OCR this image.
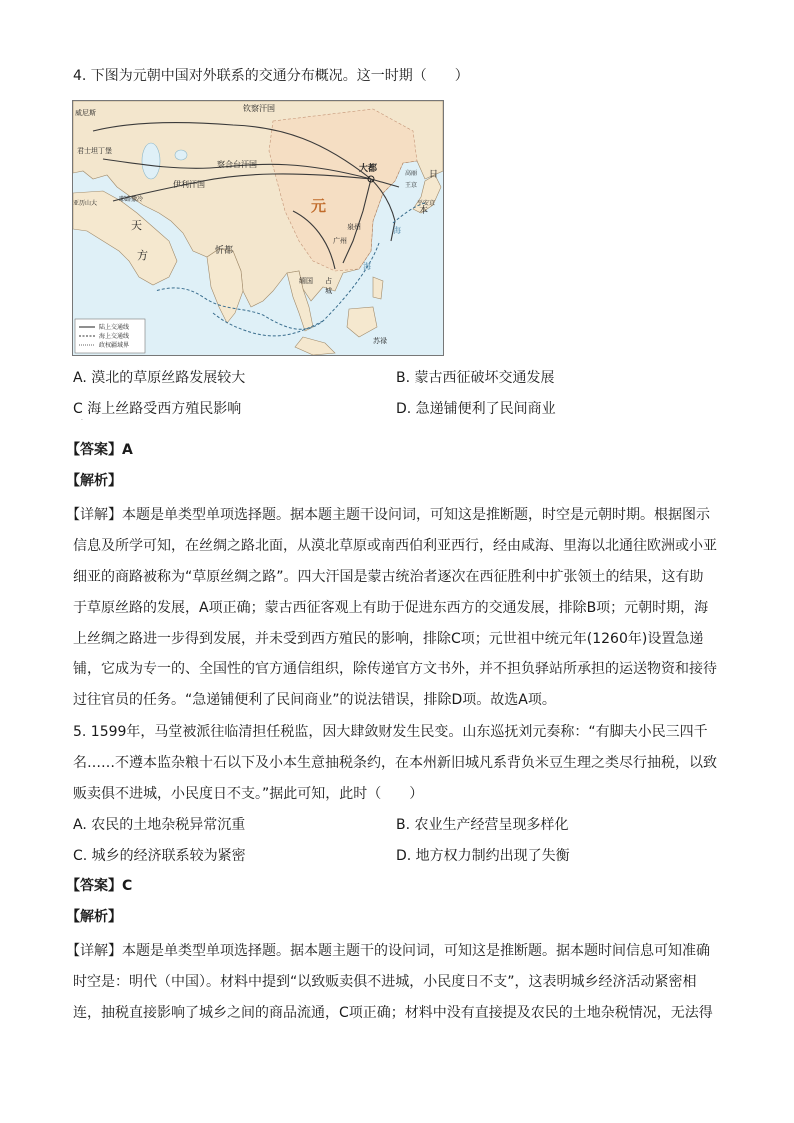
4. 下图为元朝中国对外联系的交通分布概况。这一时期（　　）
钦察汗国
威尼斯
君士坦丁堡
察合台汗国
伊利汗国
大都
元
高丽
王京
平安京
日
本
亚历山大
耶路撒冷
天
方	忻都
泉州
广州
缅国 占
城
海
海
苏禄
陆上交通线
海上交通线
政权疆域界
A. 漠北的草原丝路发展较大	B. 蒙古西征破坏交通发展
C 海上丝路受西方殖民影响	D. 急递铺便利了民间商业
·
【答案】A
【解析】
【详解】本题是单类型单项选择题。据本题主题干设问词，可知这是推断题，时空是元朝时期。根据图示
信息及所学可知，在丝绸之路北面，从漠北草原或南西伯利亚西行，经由咸海、里海以北通往欧洲或小亚
细亚的商路被称为“草原丝绸之路”。四大汗国是蒙古统治者逐次在西征胜利中扩张领土的结果，这有助
于草原丝路的发展，A项正确；蒙古西征客观上有助于促进东西方的交通发展，排除B项；元朝时期，海
上丝绸之路进一步得到发展，并未受到西方殖民的影响，排除C项；元世祖中统元年(1260年)设置急递
铺，它成为专一的、全国性的官方通信组织，除传递官方文书外，并不担负驿站所承担的运送物资和接待
过往官员的任务。“急递铺便利了民间商业”的说法错误，排除D项。故选A项。
5. 1599年，马堂被派往临清担任税监，因大肆敛财发生民变。山东巡抚刘元奏称：“有脚夫小民三四千
名……不遵本监杂粮十石以下及小本生意抽税条约，在本州新旧城凡系背负米豆生理之类尽行抽税，以致
贩卖俱不进城，小民度日不支。”据此可知，此时（　　）
A. 农民的土地杂税异常沉重	B. 农业生产经营呈现多样化
C. 城乡的经济联系较为紧密	D. 地方权力制约出现了失衡
【答案】C
【解析】
【详解】本题是单类型单项选择题。据本题主题干的设问词，可知这是推断题。据本题时间信息可知准确
时空是：明代（中国）。材料中提到“以致贩卖俱不进城，小民度日不支”，这表明城乡经济活动紧密相
连，抽税直接影响了城乡之间的商品流通，C项正确；材料中没有直接提及农民的土地杂税情况，无法得
